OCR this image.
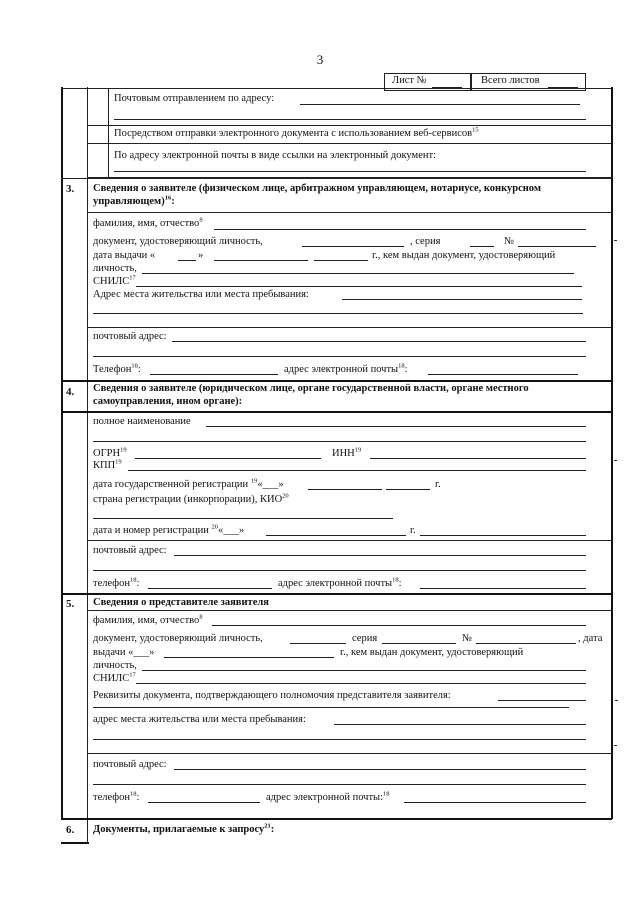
3
Лист №	Всего листов
Почтовым отправлением по адресу:
Посредством отправки электронного документа с использованием веб-сервисов$^{15}$
По адресу электронной почты в виде ссылки на электронный документ:
3. Сведения о заявителе (физическом лице, арбитражном управляющем, нотариусе, конкурсном
управляющем)$^{16}$:
фамилия, имя, отчество$^8$
документ, удостоверяющий личность,	, серия	№
дата выдачи «	»	г., кем выдан документ, удостоверяющий
личность,
СНИЛС$^{17}$
Адрес места жительства или места пребывания:
почтовый адрес:
Телефон$^{18}$:	адрес электронной почты$^{18}$:
4. Сведения о заявителе (юридическом лице, органе государственной власти, органе местного
самоуправления, ином органе):
полное наименование
ОГРН$^{19}$	ИНН$^{19}$
КПП$^{19}$
дата государственной регистрации $^{19}$«___»	г.
страна регистрации (инкорпорации), КИО$^{20}$
дата и номер регистрации $^{20}$«___»	г.
почтовый адрес:
телефон$^{18}$:	адрес электронной почты$^{18}$:
5. Сведения о представителе заявителя
фамилия, имя, отчество$^8$
документ, удостоверяющий личность,	серия	№	, дата
выдачи «___»	г., кем выдан документ, удостоверяющий
личность,
СНИЛС$^{17}$
Реквизиты документа, подтверждающего полномочия представителя заявителя:
адрес места жительства или места пребывания:
почтовый адрес:
телефон$^{18}$:	адрес электронной почты:$^{18}$
6. Документы, прилагаемые к запросу$^{21}$:
